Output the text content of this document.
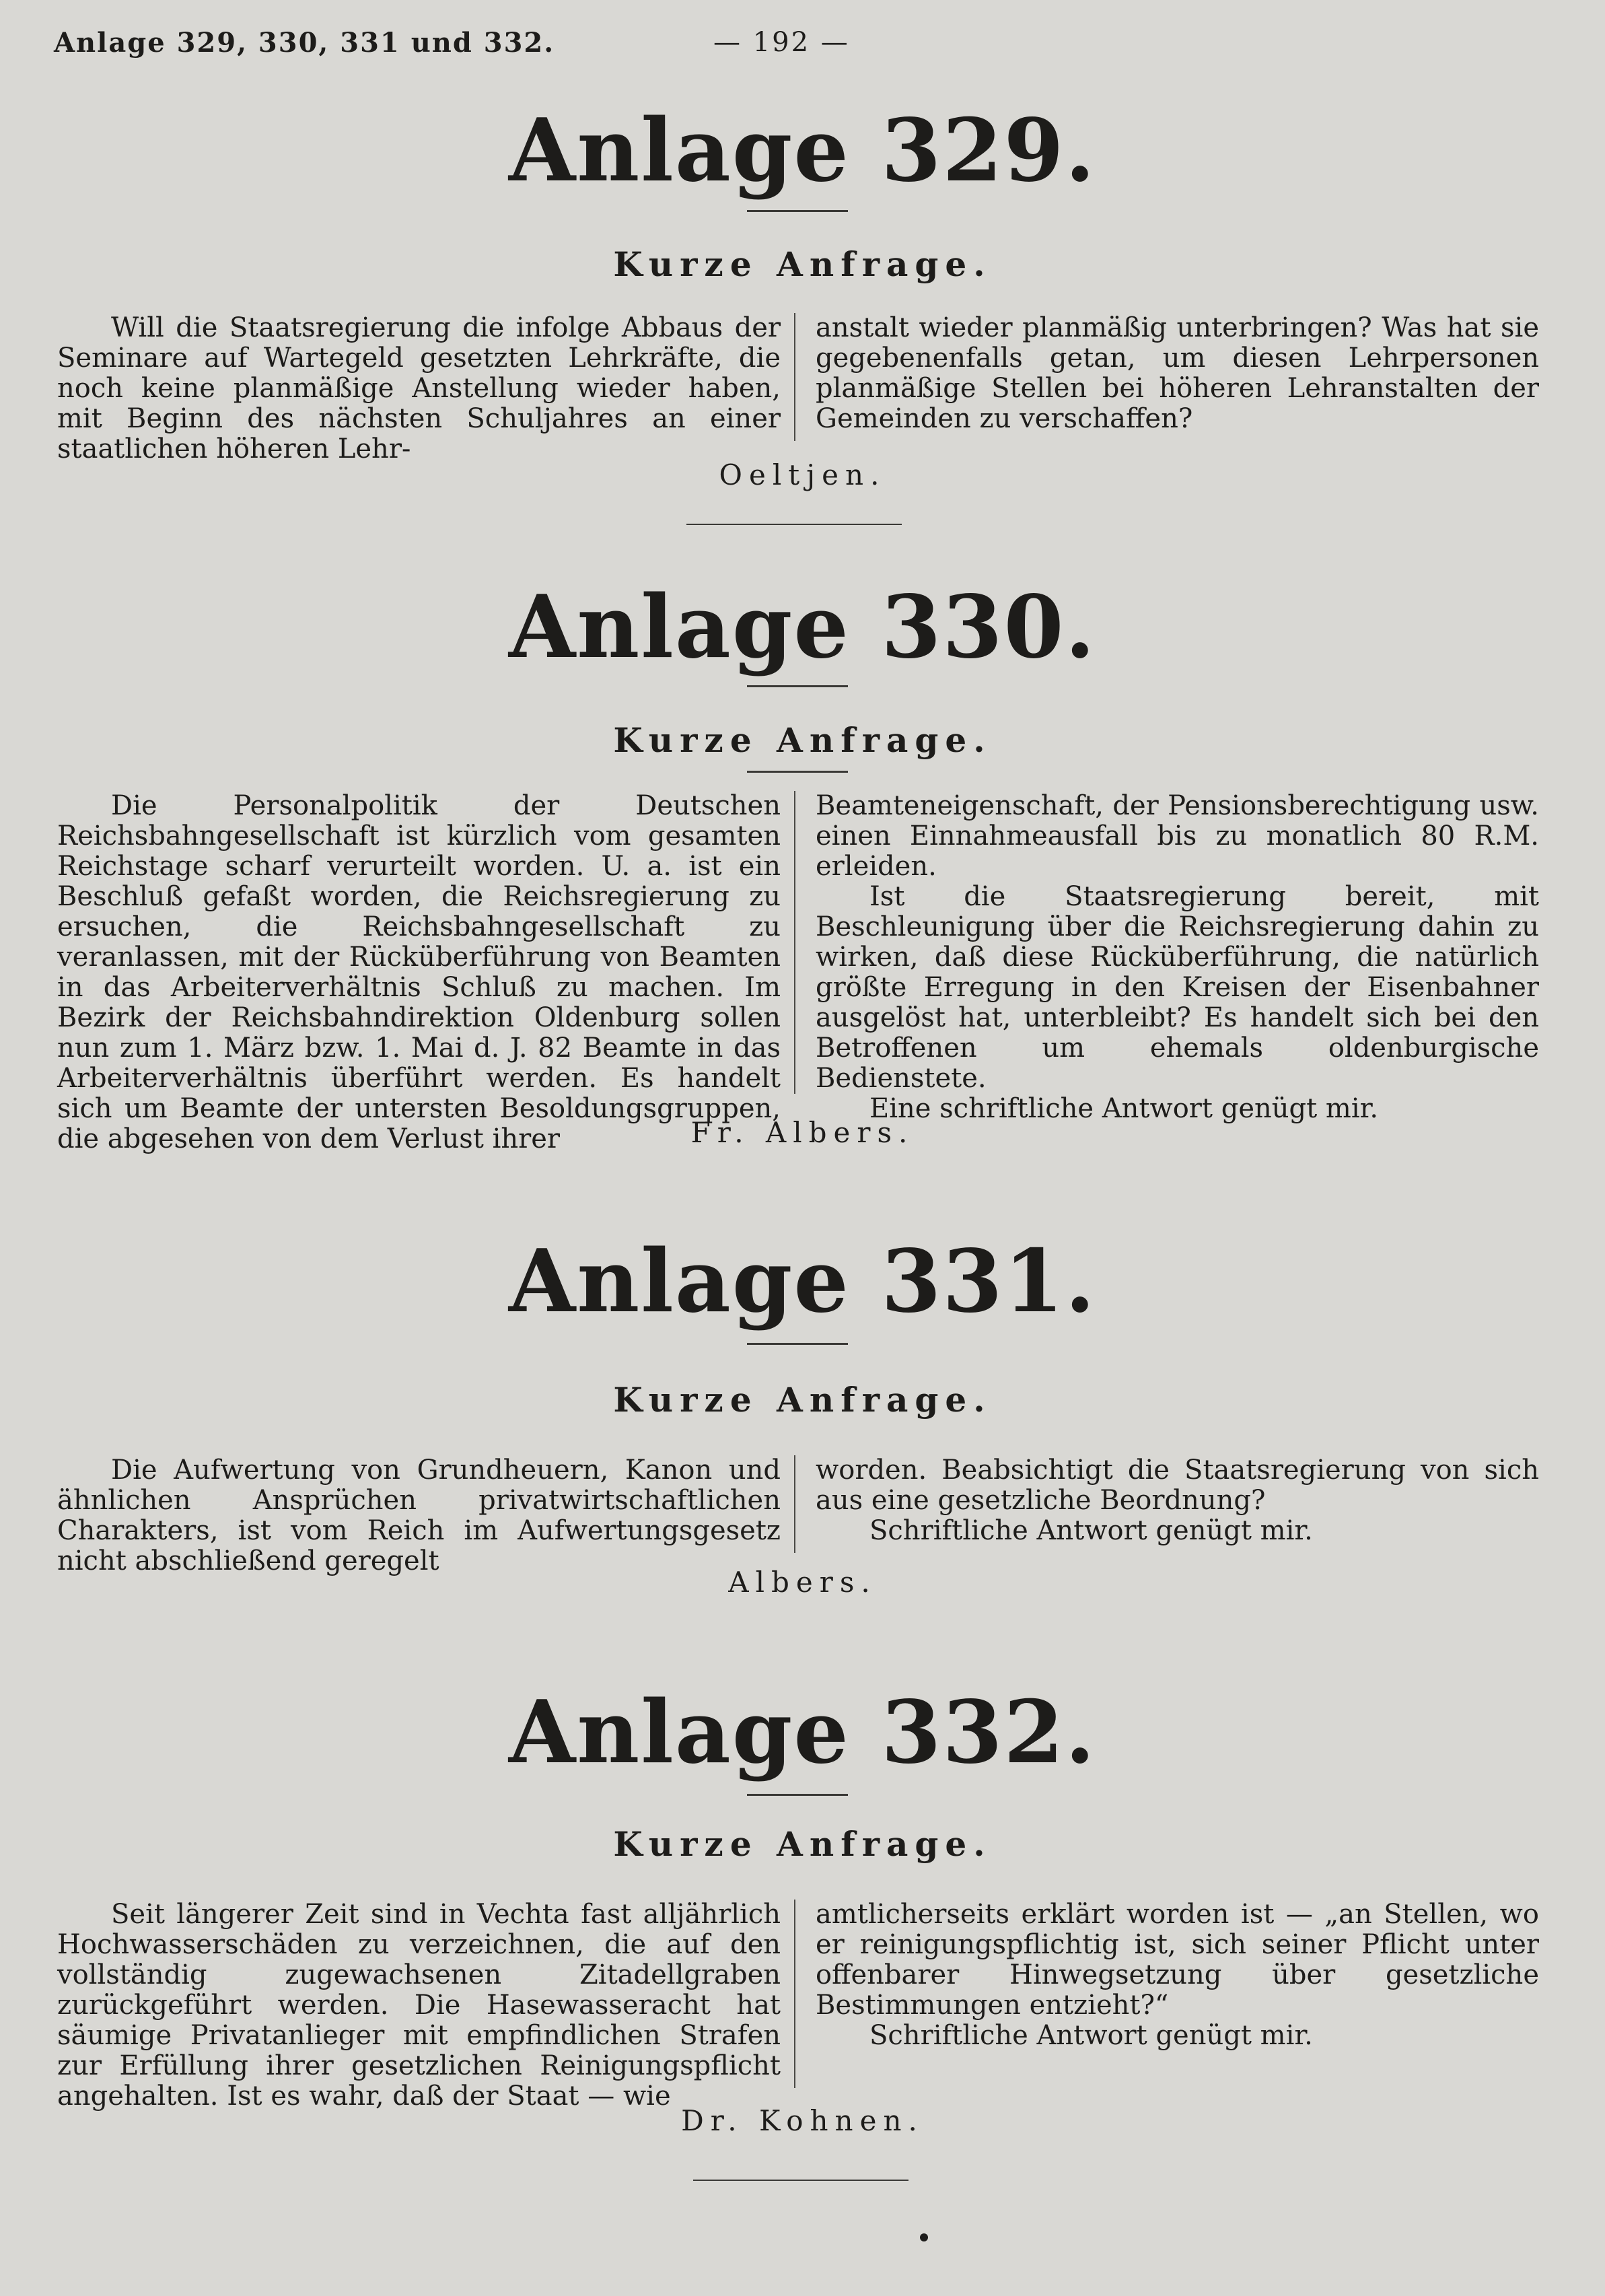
Anlage 329, 330, 331 und 332.	— 192 —
Anlage 329.
Kurze Anfrage.

Will die Staatsregierung die infolge Abbaus der Seminare auf Wartegeld gesetzten Lehrkräfte, die noch keine planmäßige Anstellung wieder haben, mit Beginn des nächsten Schuljahres an einer staatlichen höheren Lehr-

anstalt wieder planmäßig unterbringen? Was hat sie gegebenenfalls getan, um diesen Lehrpersonen planmäßige Stellen bei höheren Lehranstalten der Gemeinden zu verschaffen?

Oeltjen.
Anlage 330.
Kurze Anfrage.

Die Personalpolitik der Deutschen Reichsbahngesellschaft ist kürzlich vom gesamten Reichstage scharf verurteilt worden. U. a. ist ein Beschluß gefaßt worden, die Reichsregierung zu ersuchen, die Reichsbahngesellschaft zu veranlassen, mit der Rücküberführung von Beamten in das Arbeiterverhältnis Schluß zu machen. Im Bezirk der Reichsbahndirektion Oldenburg sollen nun zum 1. März bzw. 1. Mai d. J. 82 Beamte in das Arbeiterverhältnis überführt werden. Es handelt sich um Beamte der untersten Besoldungsgruppen, die abgesehen von dem Verlust ihrer

Beamteneigenschaft, der Pensionsberechtigung usw. einen Einnahmeausfall bis zu monatlich 80 R.M. erleiden.

Ist die Staatsregierung bereit, mit Beschleunigung über die Reichsregierung dahin zu wirken, daß diese Rücküberführung, die natürlich größte Erregung in den Kreisen der Eisenbahner ausgelöst hat, unterbleibt? Es handelt sich bei den Betroffenen um ehemals oldenburgische Bedienstete.

Eine schriftliche Antwort genügt mir.

Fr. Albers.
Anlage 331.
Kurze Anfrage.

Die Aufwertung von Grundheuern, Kanon und ähnlichen Ansprüchen privatwirtschaftlichen Charakters, ist vom Reich im Aufwertungsgesetz nicht abschließend geregelt

worden. Beabsichtigt die Staatsregierung von sich aus eine gesetzliche Beordnung?

Schriftliche Antwort genügt mir.

Albers.
Anlage 332.
Kurze Anfrage.

Seit längerer Zeit sind in Vechta fast alljährlich Hochwasserschäden zu verzeichnen, die auf den vollständig zugewachsenen Zitadellgraben zurückgeführt werden. Die Hasewasseracht hat säumige Privatanlieger mit empfindlichen Strafen zur Erfüllung ihrer gesetzlichen Reinigungspflicht angehalten. Ist es wahr, daß der Staat — wie

amtlicherseits erklärt worden ist — „an Stellen, wo er reinigungspflichtig ist, sich seiner Pflicht unter offenbarer Hinwegsetzung über gesetzliche Bestimmungen entzieht?“

Schriftliche Antwort genügt mir.

Dr. Kohnen.
